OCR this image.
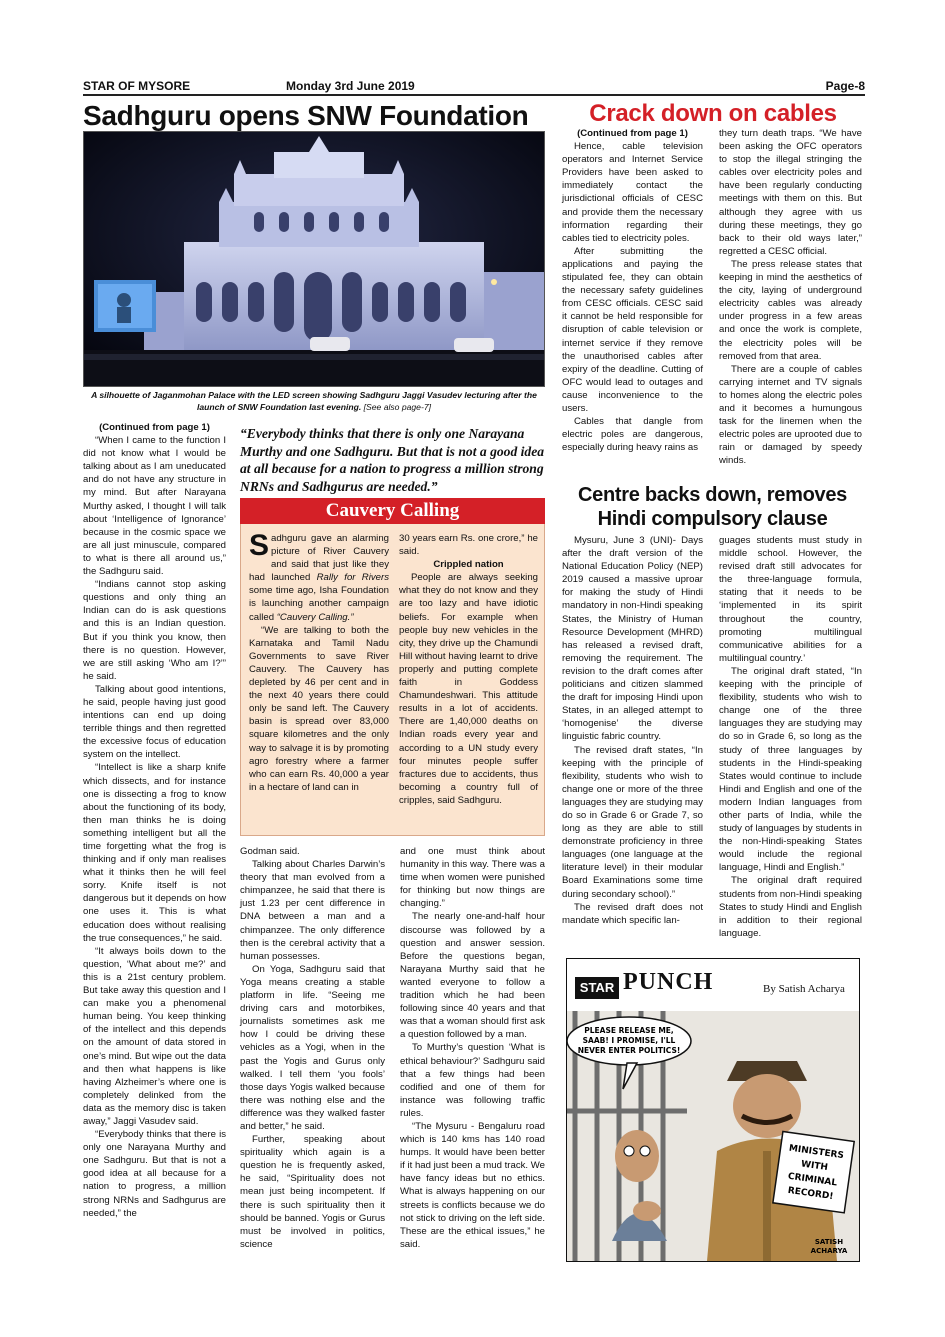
STAR OF MYSORE	Monday 3rd June 2019	Page-8
Sadhguru opens SNW Foundation
A silhouette of Jaganmohan Palace with the LED screen showing Sadhguru Jaggi Vasudev lecturing after the launch of SNW Foundation last evening. [See also page-7]

(Continued from page 1)

“When I came to the function I did not know what I would be talking about as I am uneducated and do not have any structure in my mind. But after Narayana Murthy asked, I thought I will talk about ‘Intelligence of Ignorance’ because in the cosmic space we are all just minuscule, compared to what is there all around us,” the Sadhguru said.

“Indians cannot stop asking questions and only thing an Indian can do is ask questions and this is an Indian question. But if you think you know, then there is no question. However, we are still asking ‘Who am I?’” he said.

Talking about good intentions, he said, people having just good intentions can end up doing terrible things and then regretted the excessive focus of education system on the intellect.

“Intellect is like a sharp knife which dissects, and for instance one is dissecting a frog to know about the functioning of its body, then man thinks he is doing something intelligent but all the time forgetting what the frog is thinking and if only man realises what it thinks then he will feel sorry. Knife itself is not dangerous but it depends on how one uses it. This is what education does without realising the true consequences,” he said.

“It always boils down to the question, ‘What about me?’ and this is a 21st century problem. But take away this question and I can make you a phenomenal human being. You keep thinking of the intellect and this depends on the amount of data stored in one’s mind. But wipe out the data and then what happens is like having Alzheimer’s where one is completely delinked from the data as the memory disc is taken away,” Jaggi Vasudev said.

“Everybody thinks that there is only one Narayana Murthy and one Sadhguru. But that is not a good idea at all because for a nation to progress, a million strong NRNs and Sadhgurus are needed,” the

“Everybody thinks that there is only one Narayana Murthy and one Sadhguru. But that is not a good idea at all because for a nation to progress a million strong NRNs and Sadhgurus are needed.”
Cauvery Calling

Sadhguru gave an alarming picture of River Cauvery and said that just like they had launched Rally for Rivers some time ago, Isha Foundation is launching another campaign called “Cauvery Calling.”

“We are talking to both the Karnataka and Tamil Nadu Governments to save River Cauvery. The Cauvery has depleted by 46 per cent and in the next 40 years there could only be sand left. The Cauvery basin is spread over 83,000 square kilometres and the only way to salvage it is by promoting agro forestry where a farmer who can earn Rs. 40,000 a year in a hectare of land can in

30 years earn Rs. one crore,” he said.

Crippled nation

People are always seeking what they do not know and they are too lazy and have idiotic beliefs. For example when people buy new vehicles in the city, they drive up the Chamundi Hill without having learnt to drive properly and putting complete faith in Goddess Chamundeshwari. This attitude results in a lot of accidents. There are 1,40,000 deaths on Indian roads every year and according to a UN study every four minutes people suffer fractures due to accidents, thus becoming a country full of cripples, said Sadhguru.

Godman said.

Talking about Charles Darwin’s theory that man evolved from a chimpanzee, he said that there is just 1.23 per cent difference in DNA between a man and a chimpanzee. The only difference then is the cerebral activity that a human possesses.

On Yoga, Sadhguru said that Yoga means creating a stable platform in life. “Seeing me driving cars and motorbikes, journalists sometimes ask me how I could be driving these vehicles as a Yogi, when in the past the Yogis and Gurus only walked. I tell them ‘you fools’ those days Yogis walked because there was nothing else and the difference was they walked faster and better,” he said.

Further, speaking about spirituality which again is a question he is frequently asked, he said, “Spirituality does not mean just being incompetent. If there is such spirituality then it should be banned. Yogis or Gurus must be involved in politics, science

and one must think about humanity in this way. There was a time when women were punished for thinking but now things are changing.”

The nearly one-and-half hour discourse was followed by a question and answer session. Before the questions began, Narayana Murthy said that he wanted everyone to follow a tradition which he had been following since 40 years and that was that a woman should first ask a question followed by a man.

To Murthy’s question ‘What is ethical behaviour?’ Sadhguru said that a few things had been codified and one of them for instance was following traffic rules.

“The Mysuru - Bengaluru road which is 140 kms has 140 road humps. It would have been better if it had just been a mud track. We have fancy ideas but no ethics. What is always happening on our streets is conflicts because we do not stick to driving on the left side. These are the ethical issues,” he said.

Crack down on cables

(Continued from page 1)

Hence, cable television operators and Internet Service Providers have been asked to immediately contact the jurisdictional officials of CESC and provide them the necessary information regarding their cables tied to electricity poles.

After submitting the applications and paying the stipulated fee, they can obtain the necessary safety guidelines from CESC officials. CESC said it cannot be held responsible for disruption of cable television or internet service if they remove the unauthorised cables after expiry of the deadline. Cutting of OFC would lead to outages and cause inconvenience to the users.

Cables that dangle from electric poles are dangerous, especially during heavy rains as

they turn death traps. “We have been asking the OFC operators to stop the illegal stringing the cables over electricity poles and have been regularly conducting meetings with them on this. But although they agree with us during these meetings, they go back to their old ways later,” regretted a CESC official.

The press release states that keeping in mind the aesthetics of the city, laying of underground electricity cables was already under progress in a few areas and once the work is complete, the electricity poles will be removed from that area.

There are a couple of cables carrying internet and TV signals to homes along the electric poles and it becomes a humungous task for the linemen when the electric poles are uprooted due to rain or damaged by speedy winds.

Centre backs down, removes
Hindi compulsory clause

Mysuru, June 3 (UNI)- Days after the draft version of the National Education Policy (NEP) 2019 caused a massive uproar for making the study of Hindi mandatory in non-Hindi speaking States, the Ministry of Human Resource Development (MHRD) has released a revised draft, removing the requirement. The revision to the draft comes after politicians and citizen slammed the draft for imposing Hindi upon States, in an alleged attempt to ‘homogenise’ the diverse linguistic fabric country.

The revised draft states, “In keeping with the principle of flexibility, students who wish to change one or more of the three languages they are studying may do so in Grade 6 or Grade 7, so long as they are able to still demonstrate proficiency in three languages (one language at the literature level) in their modular Board Examinations some time during secondary school).”

The revised draft does not mandate which specific lan-

guages students must study in middle school. However, the revised draft still advocates for the three-language formula, stating that it needs to be ‘implemented in its spirit throughout the country, promoting multilingual communicative abilities for a multilingual country.’

The original draft stated, “In keeping with the principle of flexibility, students who wish to change one of the three languages they are studying may do so in Grade 6, so long as the study of three languages by students in the Hindi-speaking States would continue to include Hindi and English and one of the modern Indian languages from other parts of India, while the study of languages by students in the non-Hindi-speaking States would include the regional language, Hindi and English.”

The original draft required students from non-Hindi speaking States to study Hindi and English in addition to their regional language.

STAR PUNCH	By Satish Acharya
PLEASE RELEASE ME,
SAAB! I PROMISE, I'LL
NEVER ENTER POLITICS!
MINISTERS
WITH
CRIMINAL
RECORD!
SATISH
ACHARYA
